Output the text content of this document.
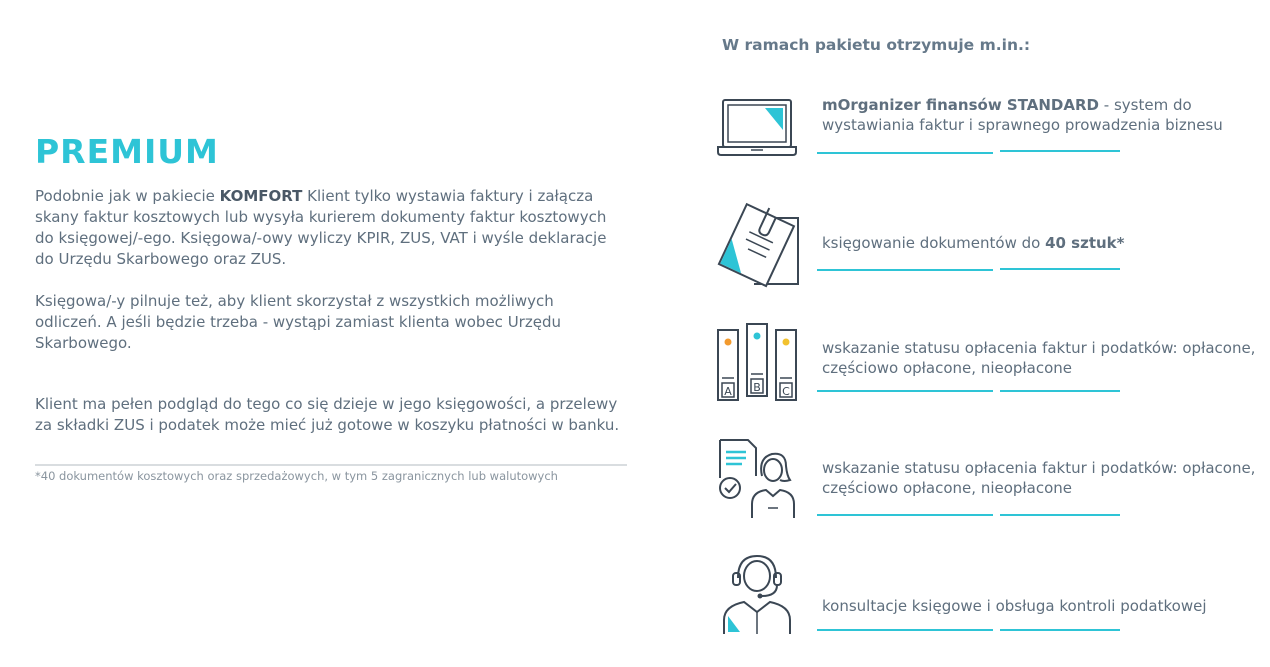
PREMIUM

Podobnie jak w pakiecie KOMFORT Klient tylko wystawia faktury i załącza skany faktur kosztowych lub wysyła kurierem dokumenty faktur kosztowych do księgowej/-ego. Księgowa/-owy wyliczy KPIR, ZUS, VAT i wyśle deklaracje do Urzędu Skarbowego oraz ZUS.

Księgowa/-y pilnuje też, aby klient skorzystał z wszystkich możliwych odliczeń. A jeśli będzie trzeba - wystąpi zamiast klienta wobec Urzędu Skarbowego.

Klient ma pełen podgląd do tego co się dzieje w jego księgowości, a przelewy za składki ZUS i podatek może mieć już gotowe w koszyku płatności w banku.

*40 dokumentów kosztowych oraz sprzedażowych, w tym 5 zagranicznych lub walutowych
W ramach pakietu otrzymuje m.in.:
mOrganizer finansów STANDARD - system do wystawiania faktur i sprawnego prowadzenia biznesu
księgowanie dokumentów do 40 sztuk*
A B C
wskazanie statusu opłacenia faktur i podatków: opłacone, częściowo opłacone, nieopłacone
wskazanie statusu opłacenia faktur i podatków: opłacone, częściowo opłacone, nieopłacone
konsultacje księgowe i obsługa kontroli podatkowej
